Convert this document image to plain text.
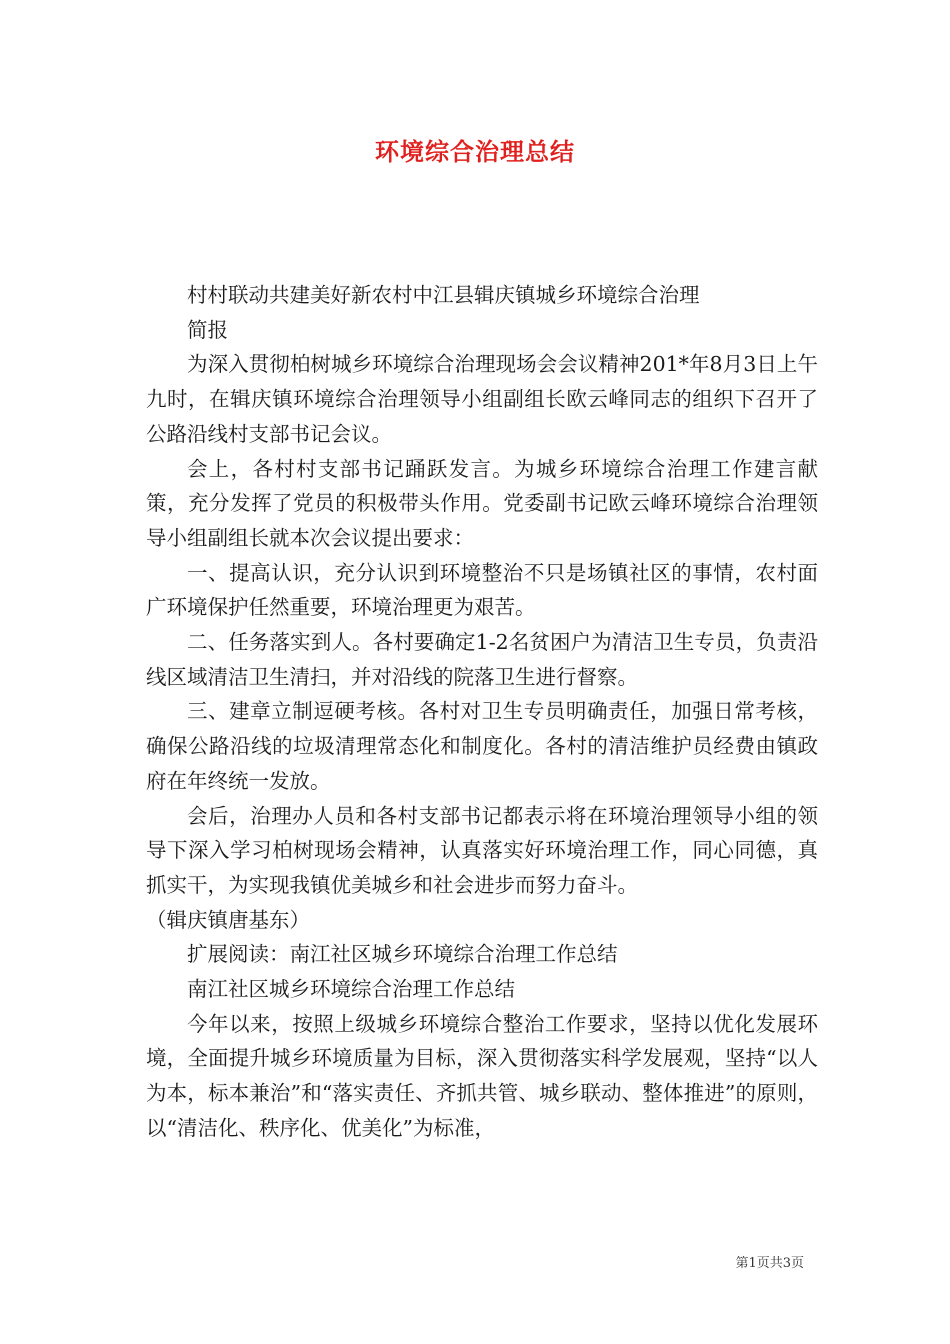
环境综合治理总结

村村联动共建美好新农村中江县辑庆镇城乡环境综合治理

简报

为深入贯彻柏树城乡环境综合治理现场会会议精神201*年8月3日上午九时，在辑庆镇环境综合治理领导小组副组长欧云峰同志的组织下召开了公路沿线村支部书记会议。

会上，各村村支部书记踊跃发言。为城乡环境综合治理工作建言献策，充分发挥了党员的积极带头作用。党委副书记欧云峰环境综合治理领导小组副组长就本次会议提出要求：

一、提高认识，充分认识到环境整治不只是场镇社区的事情，农村面广环境保护任然重要，环境治理更为艰苦。

二、任务落实到人。各村要确定1-2名贫困户为清洁卫生专员，负责沿线区域清洁卫生清扫，并对沿线的院落卫生进行督察。

三、建章立制逗硬考核。各村对卫生专员明确责任，加强日常考核，确保公路沿线的垃圾清理常态化和制度化。各村的清洁维护员经费由镇政府在年终统一发放。

会后，治理办人员和各村支部书记都表示将在环境治理领导小组的领导下深入学习柏树现场会精神，认真落实好环境治理工作，同心同德，真抓实干，为实现我镇优美城乡和社会进步而努力奋斗。

（辑庆镇唐基东）

扩展阅读：南江社区城乡环境综合治理工作总结

南江社区城乡环境综合治理工作总结

今年以来，按照上级城乡环境综合整治工作要求，坚持以优化发展环境，全面提升城乡环境质量为目标，深入贯彻落实科学发展观，坚持“以人为本，标本兼治”和“落实责任、齐抓共管、城乡联动、整体推进”的原则，以“清洁化、秩序化、优美化”为标准，

第1页共3页
